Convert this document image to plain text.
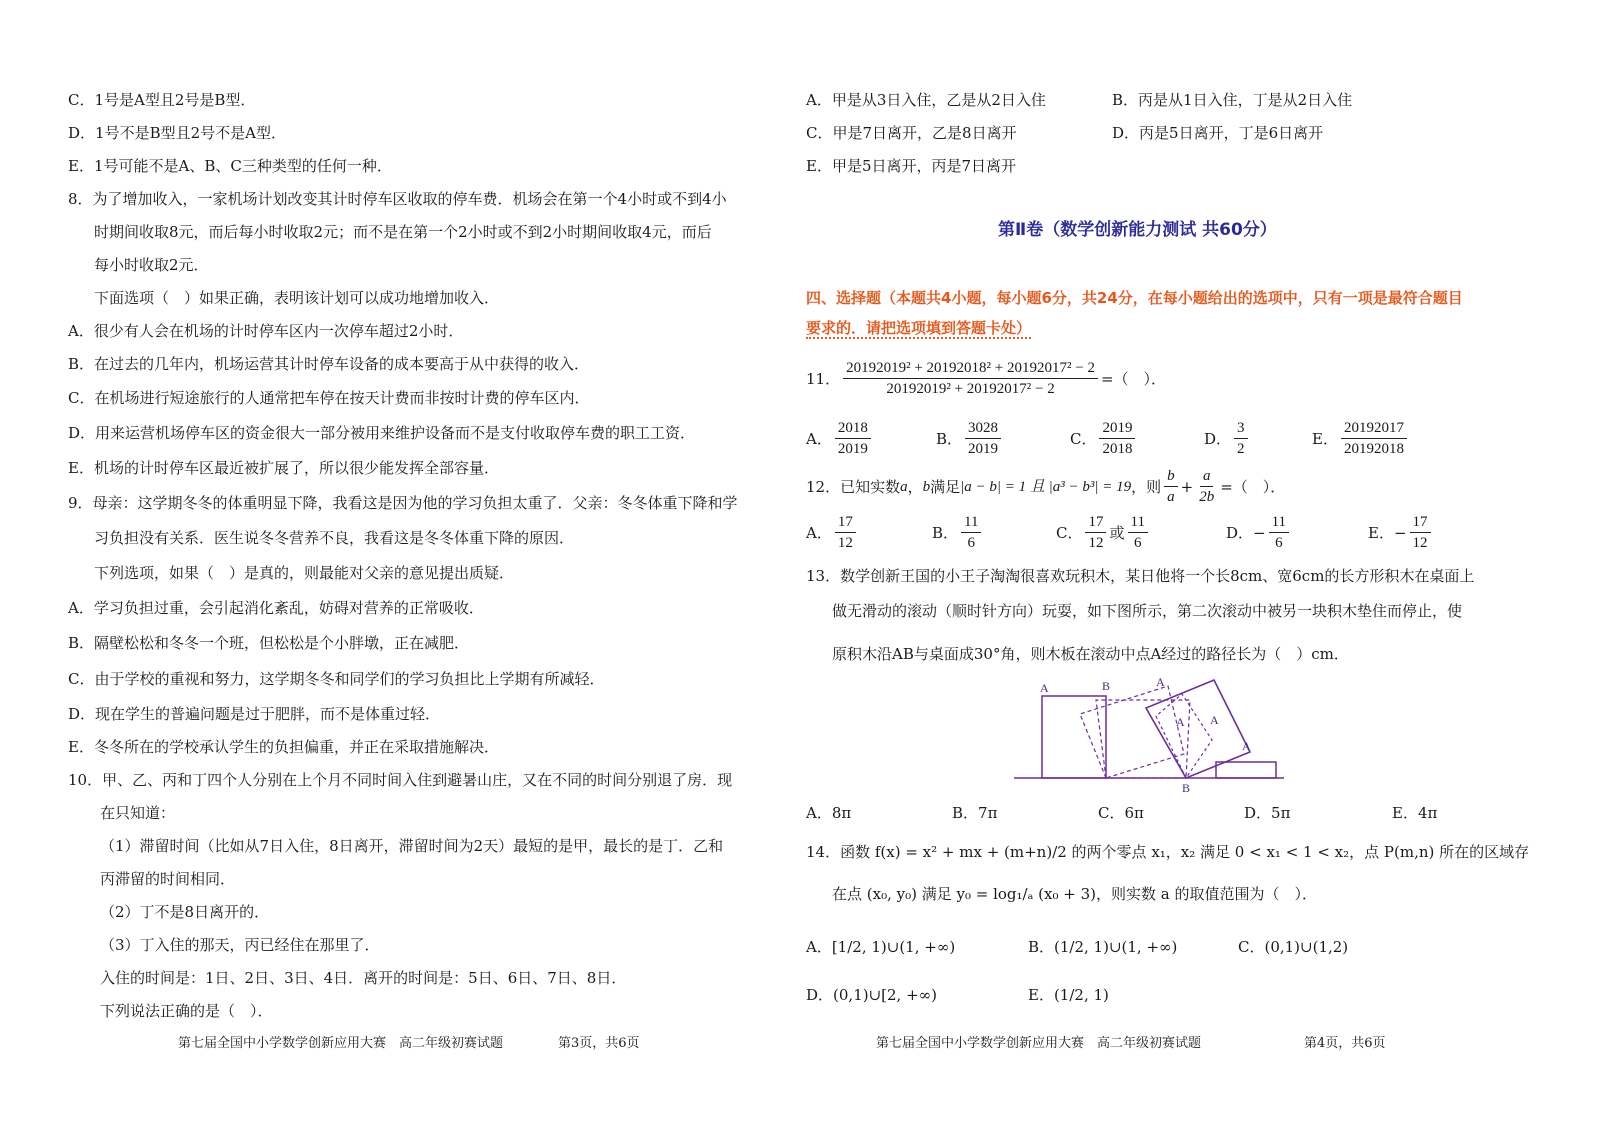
C．1号是A型且2号是B型．
D．1号不是B型且2号不是A型．
E．1号可能不是A、B、C三种类型的任何一种．
8．为了增加收入，一家机场计划改变其计时停车区收取的停车费．机场会在第一个4小时或不到4小
时期间收取8元，而后每小时收取2元；而不是在第一个2小时或不到2小时期间收取4元，而后
每小时收取2元．
下面选项（　）如果正确，表明该计划可以成功地增加收入．
A．很少有人会在机场的计时停车区内一次停车超过2小时．
B．在过去的几年内，机场运营其计时停车设备的成本要高于从中获得的收入．
C．在机场进行短途旅行的人通常把车停在按天计费而非按时计费的停车区内．
D．用来运营机场停车区的资金很大一部分被用来维护设备而不是支付收取停车费的职工工资．
E．机场的计时停车区最近被扩展了，所以很少能发挥全部容量．
9．母亲：这学期冬冬的体重明显下降，我看这是因为他的学习负担太重了．父亲：冬冬体重下降和学
习负担没有关系．医生说冬冬营养不良，我看这是冬冬体重下降的原因．
下列选项，如果（　）是真的，则最能对父亲的意见提出质疑．
A．学习负担过重，会引起消化紊乱，妨碍对营养的正常吸收．
B．隔壁松松和冬冬一个班，但松松是个小胖墩，正在减肥．
C．由于学校的重视和努力，这学期冬冬和同学们的学习负担比上学期有所减轻．
D．现在学生的普遍问题是过于肥胖，而不是体重过轻．
E．冬冬所在的学校承认学生的负担偏重，并正在采取措施解决．
10．甲、乙、丙和丁四个人分别在上个月不同时间入住到避暑山庄，又在不同的时间分别退了房．现
在只知道：
（1）滞留时间（比如从7日入住，8日离开，滞留时间为2天）最短的是甲，最长的是丁．乙和
丙滞留的时间相同．
（2）丁不是8日离开的．
（3）丁入住的那天，丙已经住在那里了．
入住的时间是：1日、2日、3日、4日．离开的时间是：5日、6日、7日、8日．
下列说法正确的是（　）．
第七届全国中小学数学创新应用大赛　高二年级初赛试题	第3页，共6页
A．甲是从3日入住，乙是从2日入住	B．丙是从1日入住，丁是从2日入住
C．甲是7日离开，乙是8日离开	D．丙是5日离开，丁是6日离开
E．甲是5日离开，丙是7日离开
第Ⅱ卷（数学创新能力测试 共60分）
四、选择题（本题共4小题，每小题6分，共24分，在每小题给出的选项中，只有一项是最符合题目
要求的．请把选项填到答题卡处）
11． $\frac{\text{20192019² + 20192018² + 20192017² − 2}}{\text{20192019² + 20192017² − 2}}$ =（　）．
A． $\frac{2018}{2019}$	B． $\frac{3028}{2019}$	C． $\frac{2019}{2018}$	D． $\frac{3}{2}$	E． $\frac{20192017}{20192018}$
12．已知实数 a ， b 满足 |a − b| = 1 且 |a³ − b³| = 19 ，则 $\frac{b}{a} + \frac{a}{2b}$ =（　）．
A． $\frac{17}{12}$	B． $\frac{11}{6}$	C． $\frac{17}{12}$ 或 $\frac{11}{6}$	D． − $\frac{11}{6}$	E． − $\frac{17}{12}$
13．数学创新王国的小王子淘淘很喜欢玩积木，某日他将一个长8cm、宽6cm的长方形积木在桌面上
做无滑动的滚动（顺时针方向）玩耍，如下图所示，第二次滚动中被另一块积木垫住而停止，使
原积木沿AB与桌面成30°角，则木板在滚动中点A经过的路径长为（　）cm．
A	B	A
A A
A
B
A．8π	B．7π	C．6π	D．5π	E．4π
14．函数 f(x) = x² + mx + (m+n)/2 的两个零点 x₁，x₂ 满足 0 < x₁ < 1 < x₂，点 P(m,n) 所在的区域存
在点 (x₀, y₀) 满足 y₀ = log₁/ₐ (x₀ + 3)，则实数 a 的取值范围为（　）．
A．[1/2, 1)∪(1, +∞)	B．(1/2, 1)∪(1, +∞)	C．(0,1)∪(1,2)
D．(0,1)∪[2, +∞)	E．(1/2, 1)
第七届全国中小学数学创新应用大赛　高二年级初赛试题	第4页，共6页
